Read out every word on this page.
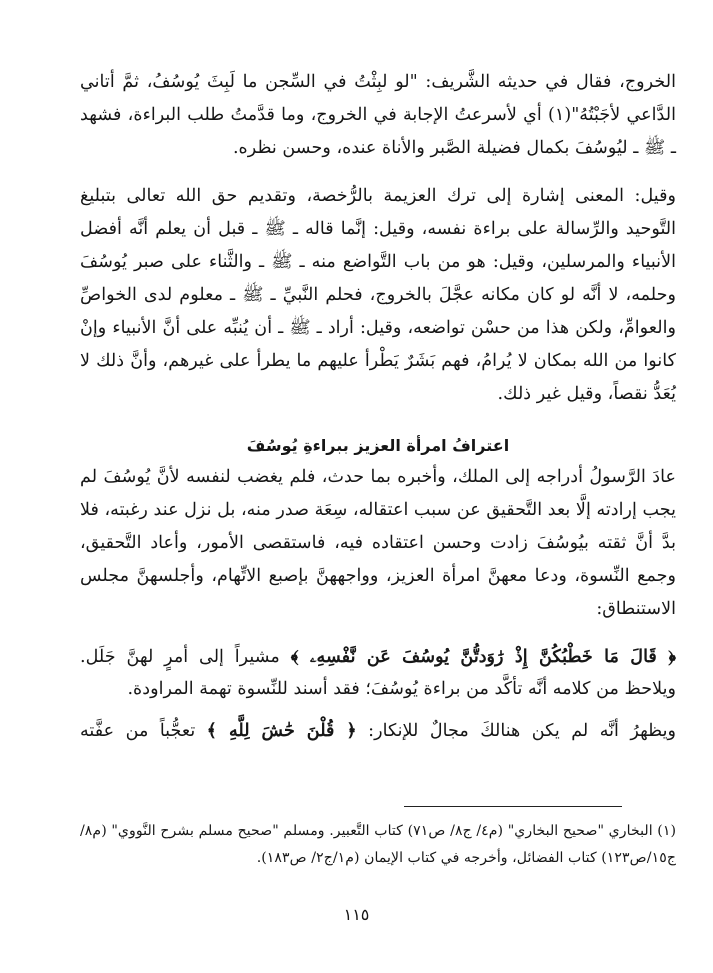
الخروج، فقال في حديثه الشَّريف: "لو لبِثْتُ في السِّجن ما لَبِثَ يُوسُفُ، ثمَّ أتاني الدَّاعي لأجَبْتُهُ"(١) أي لأسرعتُ الإجابة في الخروج، وما قدَّمتُ طلب البراءة، فشهد ـ ﷺ ـ ليُوسُفَ بكمال فضيلة الصَّبر والأناة عنده، وحسن نظره.

وقيل: المعنى إشارة إلى ترك العزيمة بالرُّخصة، وتقديم حق الله تعالى بتبليغ التَّوحيد والرِّسالة على براءة نفسه، وقيل: إنَّما قاله ـ ﷺ ـ قبل أن يعلم أنَّه أفضل الأنبياء والمرسلين، وقيل: هو من باب التَّواضع منه ـ ﷺ ـ والثَّناء على صبر يُوسُفَ وحلمه، لا أنَّه لو كان مكانه عجَّلَ بالخروج، فحلم النَّبيِّ ـ ﷺ ـ معلوم لدى الخواصِّ والعوامِّ، ولكن هذا من حسْن تواضعه، وقيل: أراد ـ ﷺ ـ أن يُنبِّه على أنَّ الأنبياء وإنْ كانوا من الله بمكان لا يُرامُ، فهم بَشَرٌ يَطْرأ عليهم ما يطرأ على غيرهم، وأنَّ ذلك لا يُعَدُّ نقصاً، وقيل غير ذلك.

اعترافُ امرأة العزيز ببراءةِ يُوسُفَ

عادَ الرَّسولُ أدراجه إلى الملك، وأخبره بما حدث، فلم يغضب لنفسه لأنَّ يُوسُفَ لم يجب إرادته إلَّا بعد التَّحقيق عن سبب اعتقاله، سِعَة صدر منه، بل نزل عند رغبته، فلا بدَّ أنَّ ثقته بيُوسُفَ زادت وحسن اعتقاده فيه، فاستقصى الأمور، وأعاد التَّحقيق، وجمع النِّسوة، ودعا معهنَّ امرأة العزيز، وواجههنَّ بإصبع الاتِّهام، وأجلسهنَّ مجلس الاستنطاق:

﴿ قَالَ مَا خَطْبُكُنَّ إِذْ رَٰوَدتُّنَّ يُوسُفَ عَن نَّفْسِهِۦ ﴾ مشيراً إلى أمرٍ لهنَّ جَلَل.

ويلاحظ من كلامه أنَّه تأكَّد من براءة يُوسُفَ؛ فقد أسند للنِّسوة تهمة المراودة.

ويظهرُ أنَّه لم يكن هنالكَ مجالٌ للإنكار: ﴿ قُلْنَ حَٰشَ لِلَّهِ ﴾ تعجُّباً من عفَّته

(١) البخاري "صحيح البخاري" (م٤/ ج٨/ ص٧١) كتاب التَّعبير. ومسلم "صحيح مسلم بشرح النَّووي" (م٨/ج١٥/ص١٢٣) كتاب الفضائل، وأخرجه في كتاب الإيمان (م١/ج٢/ ص١٨٣).

١١٥
